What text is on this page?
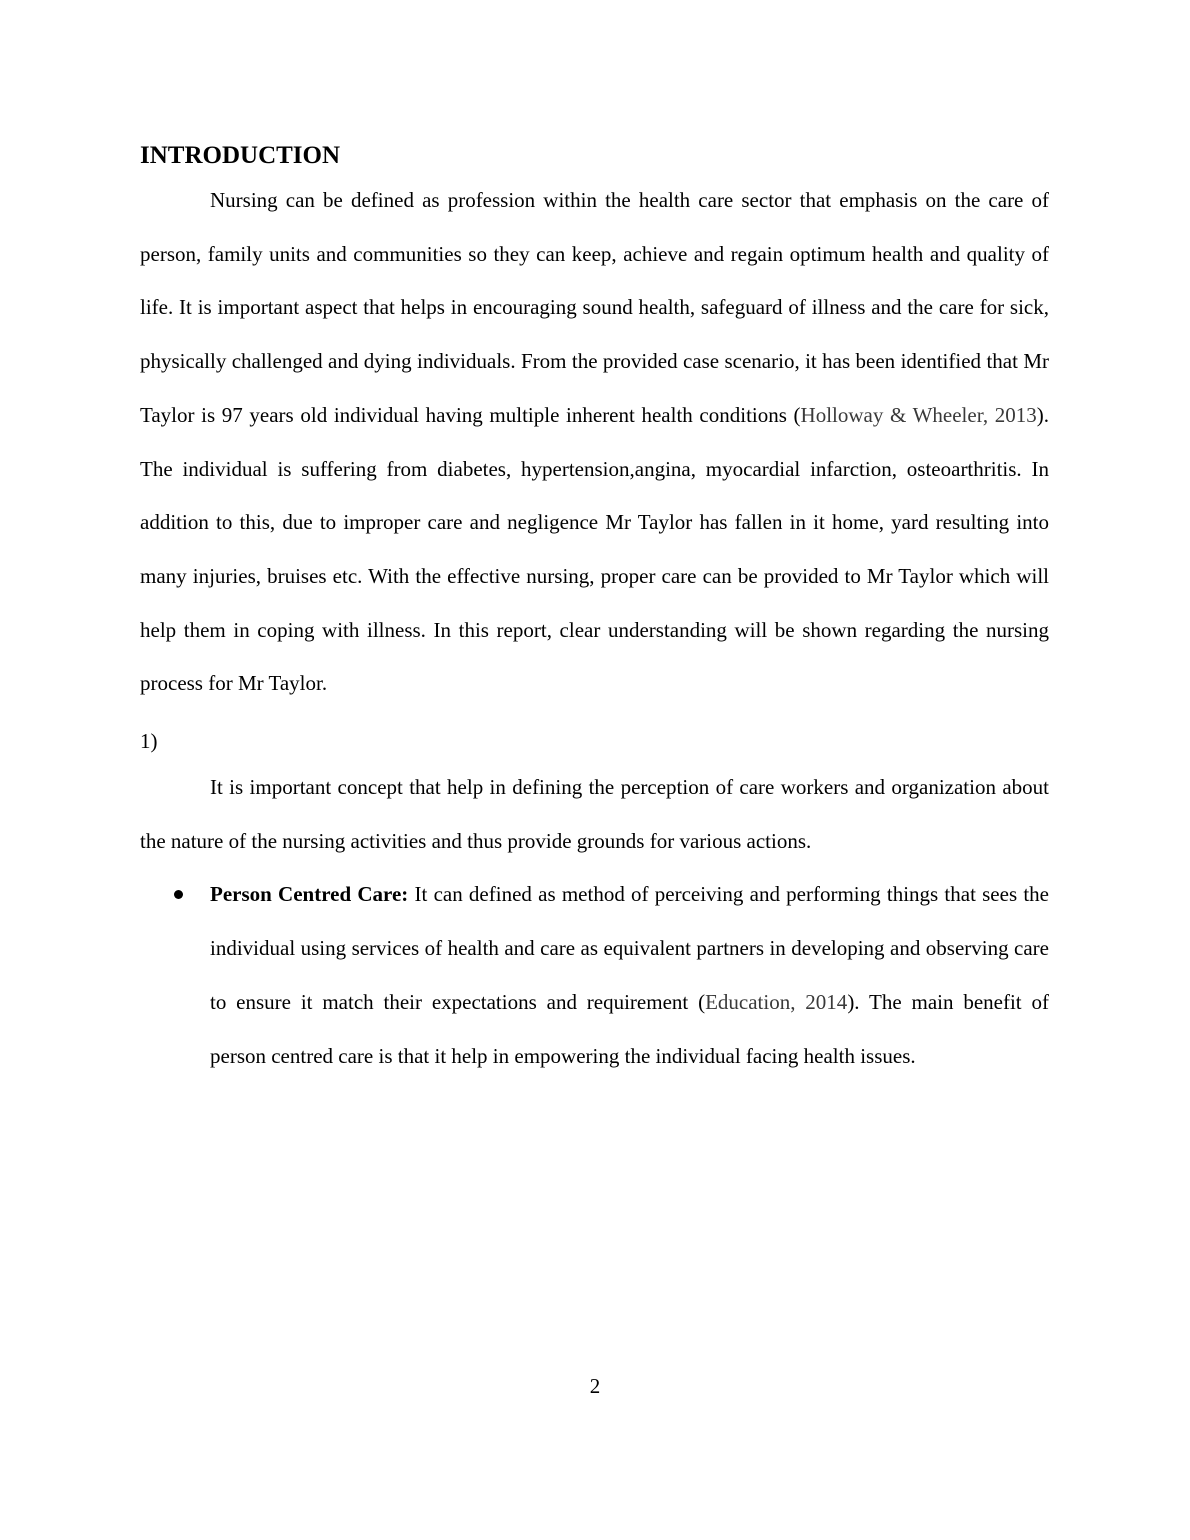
INTRODUCTION

Nursing can be defined as profession within the health care sector that emphasis on the care of person, family units and communities so they can keep, achieve and regain optimum health and quality of life. It is important aspect that helps in encouraging sound health, safeguard of illness and the care for sick, physically challenged and dying individuals. From the provided case scenario, it has been identified that Mr Taylor is 97 years old individual having multiple inherent health conditions (Holloway & Wheeler, 2013). The individual is suffering from diabetes, hypertension,angina, myocardial infarction, osteoarthritis. In addition to this, due to improper care and negligence Mr Taylor has fallen in it home, yard resulting into many injuries, bruises etc. With the effective nursing, proper care can be provided to Mr Taylor which will help them in coping with illness. In this report, clear understanding will be shown regarding the nursing process for Mr Taylor.

1)

It is important concept that help in defining the perception of care workers and organization about the nature of the nursing activities and thus provide grounds for various actions.

Person Centred Care: It can defined as method of perceiving and performing things that sees the individual using services of health and care as equivalent partners in developing and observing care to ensure it match their expectations and requirement (Education, 2014). The main benefit of person centred care is that it help in empowering the individual facing health issues.
2
